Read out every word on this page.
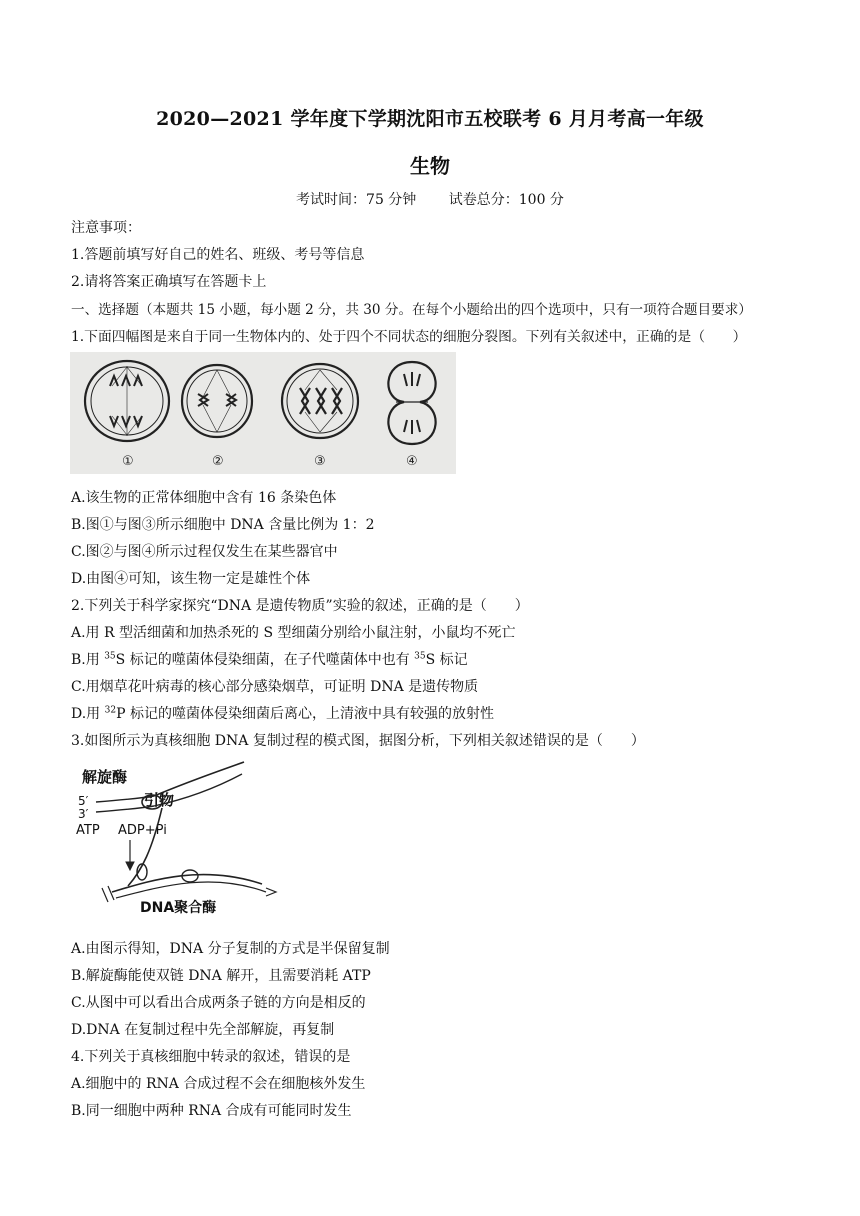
2020—2021 学年度下学期沈阳市五校联考 6 月月考高一年级
生物
考试时间：75 分钟 试卷总分：100 分
注意事项：
1.答题前填写好自己的姓名、班级、考号等信息
2.请将答案正确填写在答题卡上
一、选择题（本题共 15 小题，每小题 2 分，共 30 分。在每个小题给出的四个选项中，只有一项符合题目要求）
1.下面四幅图是来自于同一生物体内的、处于四个不同状态的细胞分裂图。下列有关叙述中，正确的是（　　）
①	②	③	④
A.该生物的正常体细胞中含有 16 条染色体
B.图①与图③所示细胞中 DNA 含量比例为 1：2
C.图②与图④所示过程仅发生在某些器官中
D.由图④可知，该生物一定是雄性个体
2.下列关于科学家探究“DNA 是遗传物质”实验的叙述，正确的是（　　）
A.用 R 型活细菌和加热杀死的 S 型细菌分别给小鼠注射，小鼠均不死亡
B.用 $^{35}$S 标记的噬菌体侵染细菌，在子代噬菌体中也有 $^{35}$S 标记
C.用烟草花叶病毒的核心部分感染烟草，可证明 DNA 是遗传物质
D.用 $^{32}$P 标记的噬菌体侵染细菌后离心，上清液中具有较强的放射性
3.如图所示为真核细胞 DNA 复制过程的模式图，据图分析，下列相关叙述错误的是（　　）
解旋酶
引物
5′
3′
ATP ADP+Pi
DNA聚合酶
A.由图示得知，DNA 分子复制的方式是半保留复制
B.解旋酶能使双链 DNA 解开，且需要消耗 ATP
C.从图中可以看出合成两条子链的方向是相反的
D.DNA 在复制过程中先全部解旋，再复制
4.下列关于真核细胞中转录的叙述，错误的是
A.细胞中的 RNA 合成过程不会在细胞核外发生
B.同一细胞中两种 RNA 合成有可能同时发生
